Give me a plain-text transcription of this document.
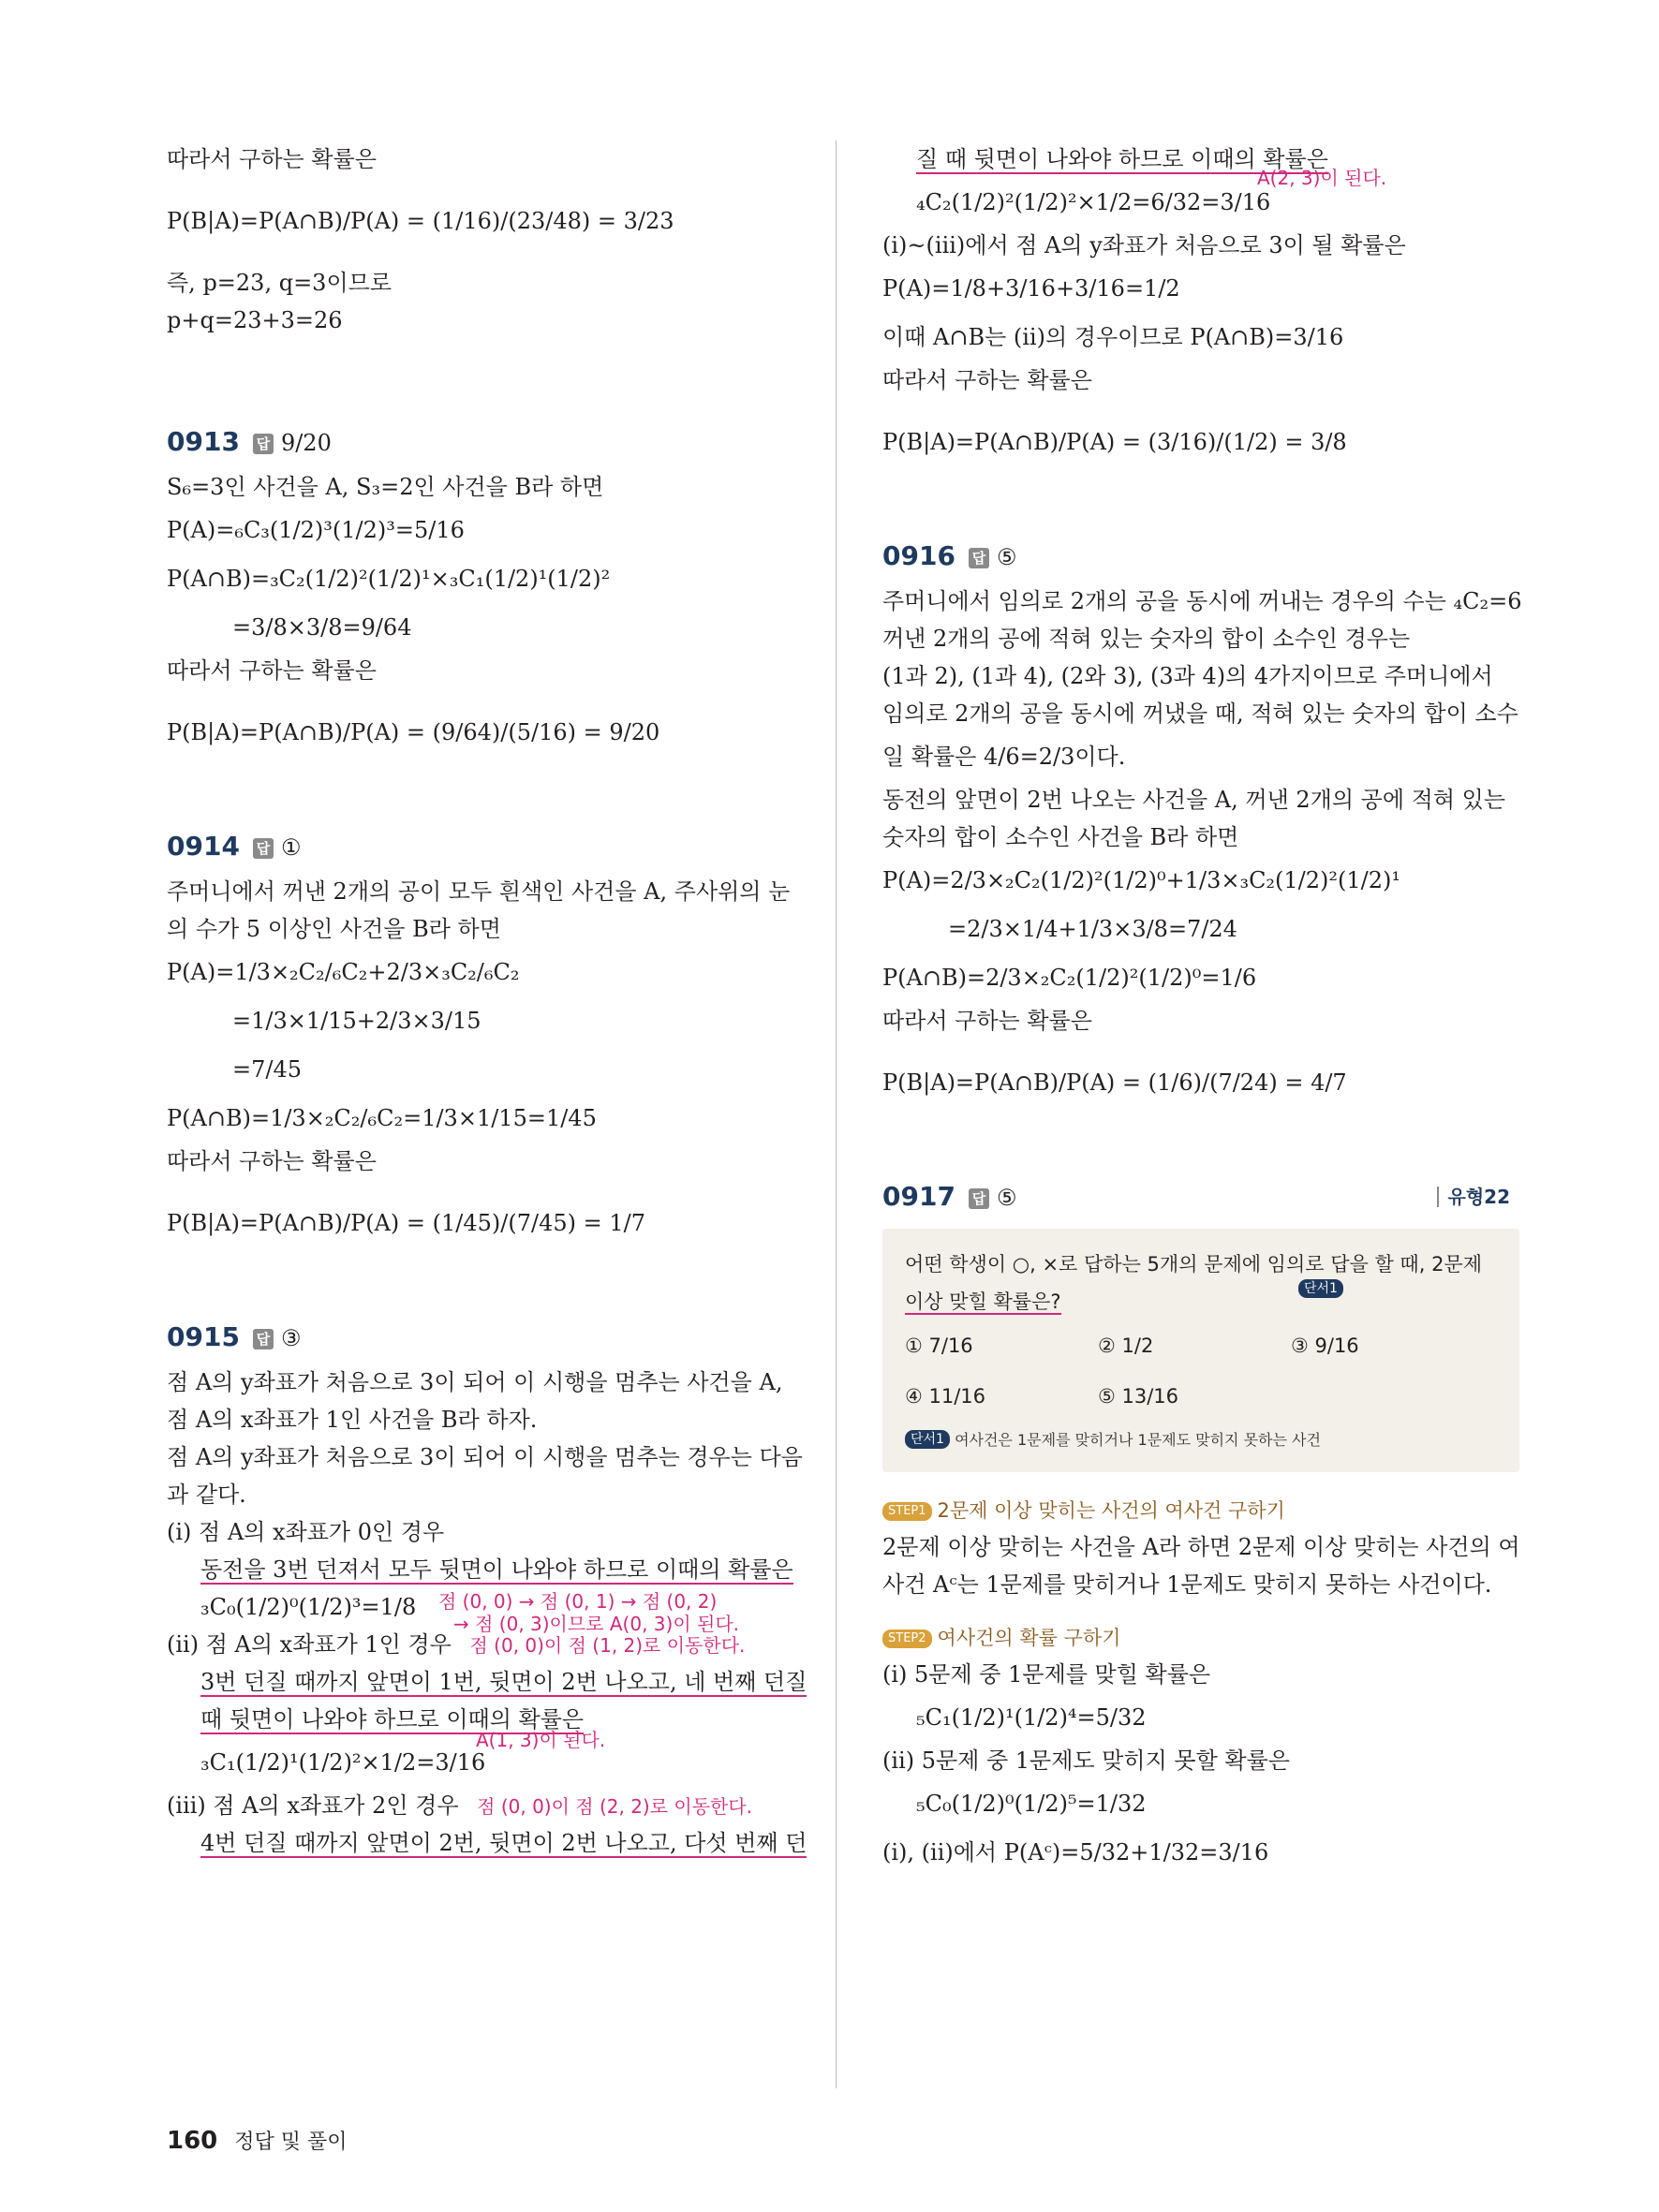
따라서 구하는 확률은
P(B|A)=P(A∩B)/P(A) = (1/16)/(23/48) = 3/23
즉, p=23, q=3이므로
p+q=23+3=26
0913 답 9/20
S₆=3인 사건을 A, S₃=2인 사건을 B라 하면
P(A)=₆C₃(1/2)³(1/2)³=5/16
P(A∩B)=₃C₂(1/2)²(1/2)¹×₃C₁(1/2)¹(1/2)²
=3/8×3/8=9/64
따라서 구하는 확률은
P(B|A)=P(A∩B)/P(A) = (9/64)/(5/16) = 9/20
0914 답 ①
주머니에서 꺼낸 2개의 공이 모두 흰색인 사건을 A, 주사위의 눈
의 수가 5 이상인 사건을 B라 하면
P(A)=1/3×₂C₂/₆C₂+2/3×₃C₂/₆C₂
=1/3×1/15+2/3×3/15
=7/45
P(A∩B)=1/3×₂C₂/₆C₂=1/3×1/15=1/45
따라서 구하는 확률은
P(B|A)=P(A∩B)/P(A) = (1/45)/(7/45) = 1/7
0915 답 ③
점 A의 y좌표가 처음으로 3이 되어 이 시행을 멈추는 사건을 A,
점 A의 x좌표가 1인 사건을 B라 하자.
점 A의 y좌표가 처음으로 3이 되어 이 시행을 멈추는 경우는 다음
과 같다.
(ⅰ) 점 A의 x좌표가 0인 경우
동전을 3번 던져서 모두 뒷면이 나와야 하므로 이때의 확률은
₃C₀(1/2)⁰(1/2)³=1/8 점 (0, 0) → 점 (0, 1) → 점 (0, 2)
→ 점 (0, 3)이므로 A(0, 3)이 된다.
(ⅱ) 점 A의 x좌표가 1인 경우 점 (0, 0)이 점 (1, 2)로 이동한다.
3번 던질 때까지 앞면이 1번, 뒷면이 2번 나오고, 네 번째 던질
때 뒷면이 나와야 하므로 이때의 확률은
A(1, 3)이 된다.
₃C₁(1/2)¹(1/2)²×1/2=3/16
(ⅲ) 점 A의 x좌표가 2인 경우 점 (0, 0)이 점 (2, 2)로 이동한다.
4번 던질 때까지 앞면이 2번, 뒷면이 2번 나오고, 다섯 번째 던
질 때 뒷면이 나와야 하므로 이때의 확률은
A(2, 3)이 된다.
₄C₂(1/2)²(1/2)²×1/2=6/32=3/16
(ⅰ)~(ⅲ)에서 점 A의 y좌표가 처음으로 3이 될 확률은
P(A)=1/8+3/16+3/16=1/2
이때 A∩B는 (ⅱ)의 경우이므로 P(A∩B)=3/16
따라서 구하는 확률은
P(B|A)=P(A∩B)/P(A) = (3/16)/(1/2) = 3/8
0916 답 ⑤
주머니에서 임의로 2개의 공을 동시에 꺼내는 경우의 수는 ₄C₂=6
꺼낸 2개의 공에 적혀 있는 숫자의 합이 소수인 경우는
(1과 2), (1과 4), (2와 3), (3과 4)의 4가지이므로 주머니에서
임의로 2개의 공을 동시에 꺼냈을 때, 적혀 있는 숫자의 합이 소수
일 확률은 4/6=2/3이다.
동전의 앞면이 2번 나오는 사건을 A, 꺼낸 2개의 공에 적혀 있는
숫자의 합이 소수인 사건을 B라 하면
P(A)=2/3×₂C₂(1/2)²(1/2)⁰+1/3×₃C₂(1/2)²(1/2)¹
=2/3×1/4+1/3×3/8=7/24
P(A∩B)=2/3×₂C₂(1/2)²(1/2)⁰=1/6
따라서 구하는 확률은
P(B|A)=P(A∩B)/P(A) = (1/6)/(7/24) = 4/7
0917 답 ⑤	유형22
어떤 학생이 ○, ×로 답하는 5개의 문제에 임의로 답을 할 때, 2문제
이상 맞힐 확률은?
단서1
① 7/16	② 1/2	③ 9/16
④ 11/16	⑤ 13/16
단서1 여사건은 1문제를 맞히거나 1문제도 맞히지 못하는 사건
STEP1 2문제 이상 맞히는 사건의 여사건 구하기
2문제 이상 맞히는 사건을 A라 하면 2문제 이상 맞히는 사건의 여
사건 Aᶜ는 1문제를 맞히거나 1문제도 맞히지 못하는 사건이다.
STEP2 여사건의 확률 구하기
(ⅰ) 5문제 중 1문제를 맞힐 확률은
₅C₁(1/2)¹(1/2)⁴=5/32
(ⅱ) 5문제 중 1문제도 맞히지 못할 확률은
₅C₀(1/2)⁰(1/2)⁵=1/32
(ⅰ), (ⅱ)에서 P(Aᶜ)=5/32+1/32=3/16
160 정답 및 풀이
